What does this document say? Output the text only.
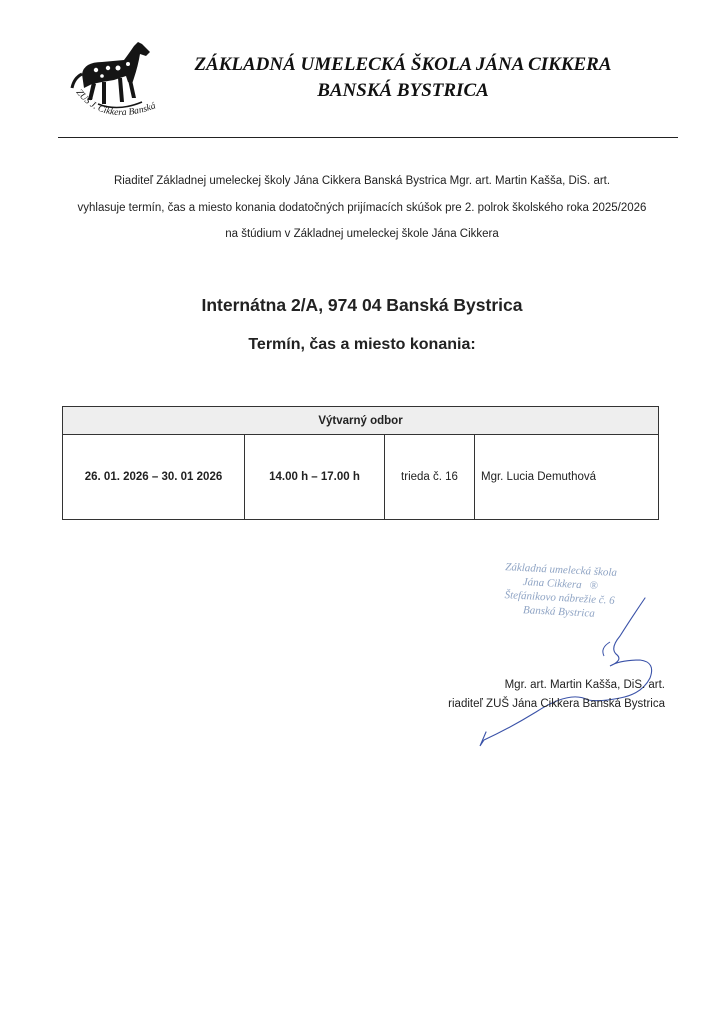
ZUŠ J. Cikkera Banská
ZÁKLADNÁ UMELECKÁ ŠKOLA JÁNA CIKKERA
BANSKÁ BYSTRICA
Riaditeľ Základnej umeleckej školy Jána Cikkera Banská Bystrica Mgr. art. Martin Kašša, DiS. art.
vyhlasuje termín, čas a miesto konania dodatočných prijímacích skúšok pre 2. polrok školského roka 2025/2026
na štúdium v Základnej umeleckej škole Jána Cikkera
Internátna 2/A, 974 04 Banská Bystrica
Termín, čas a miesto konania:
Výtvarný odbor
26. 01. 2026 – 30. 01 2026	14.00 h – 17.00 h	trieda č. 16	Mgr. Lucia Demuthová
Základná umelecká škola
Jána Cikkera ®
Štefánikovo nábrežie č. 6
Banská Bystrica
Mgr. art. Martin Kašša, DiS. art.
riaditeľ ZUŠ Jána Cikkera Banská Bystrica
